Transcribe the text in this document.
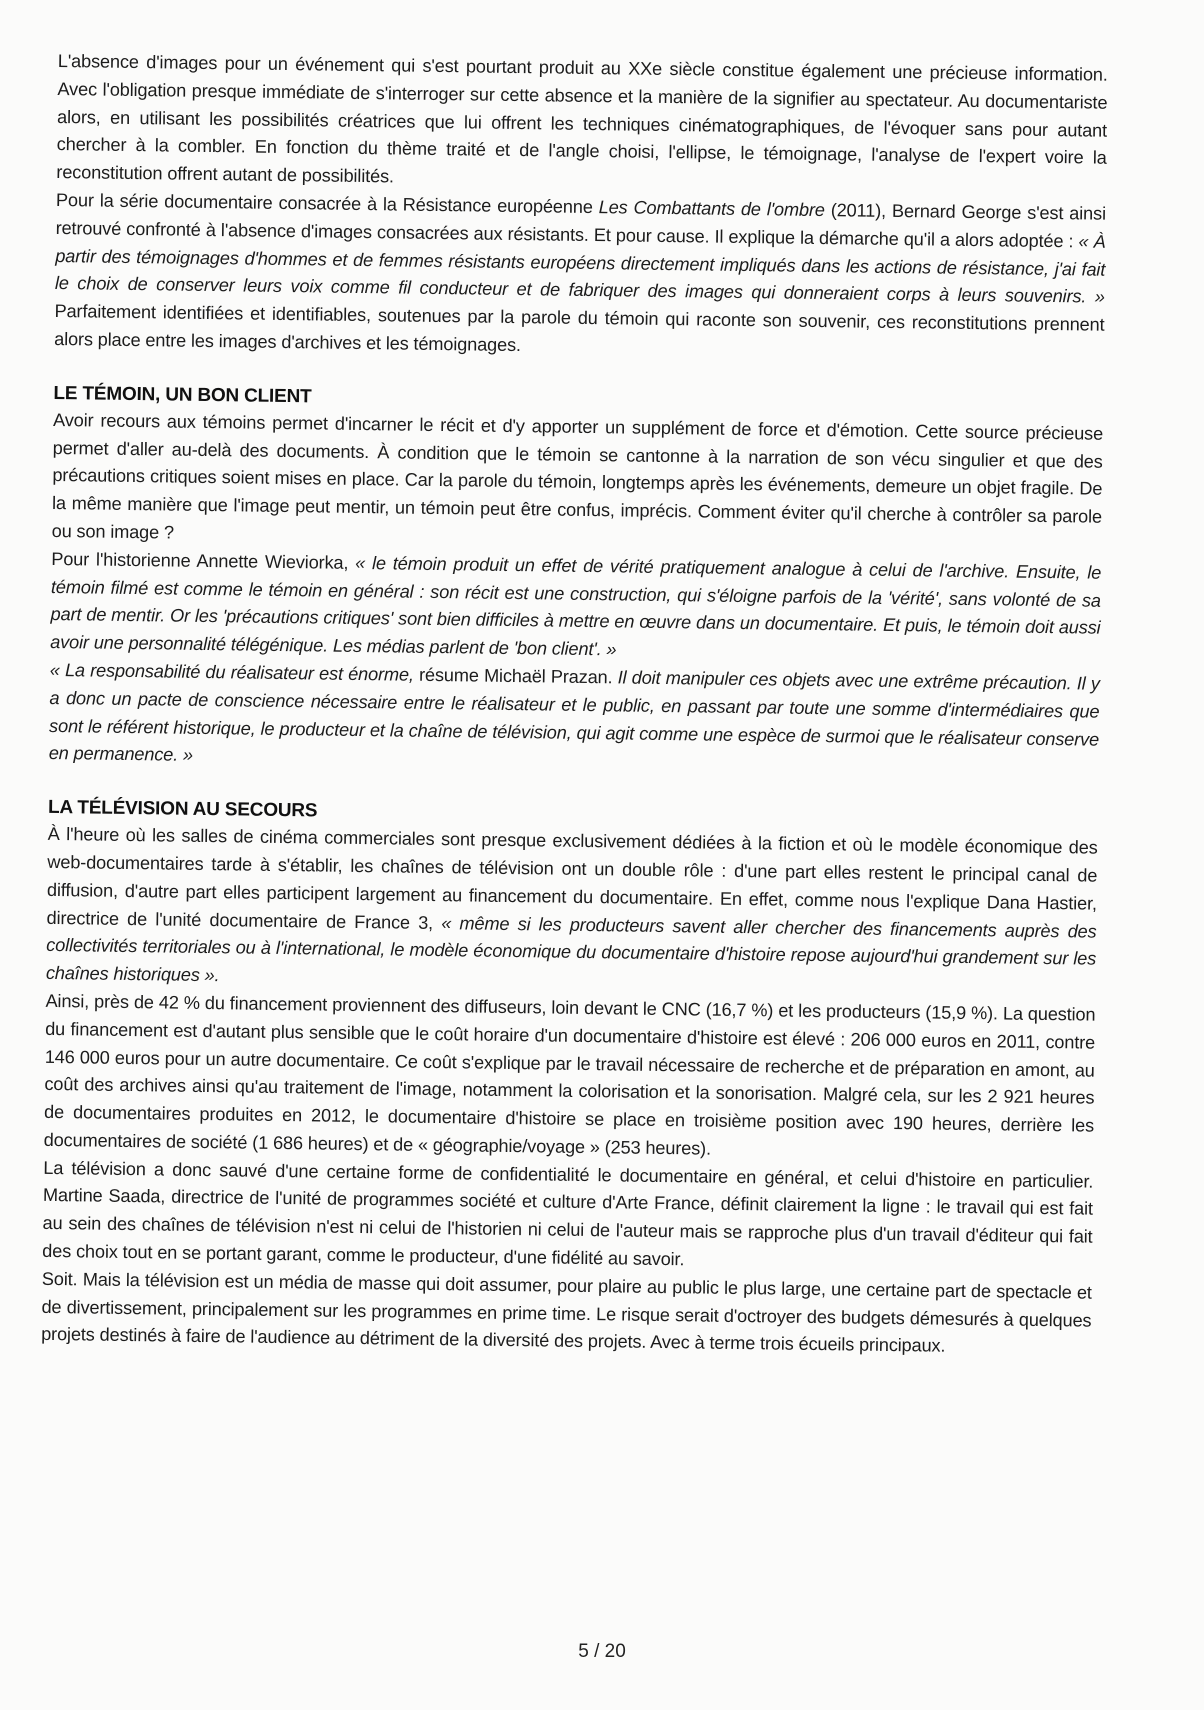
L'absence d'images pour un événement qui s'est pourtant produit au XXe siècle constitue également une précieuse information. Avec l'obligation presque immédiate de s'interroger sur cette absence et la manière de la signifier au spectateur. Au documentariste alors, en utilisant les possibilités créatrices que lui offrent les techniques cinématographiques, de l'évoquer sans pour autant chercher à la combler. En fonction du thème traité et de l'angle choisi, l'ellipse, le témoignage, l'analyse de l'expert voire la reconstitution offrent autant de possibilités.

Pour la série documentaire consacrée à la Résistance européenne Les Combattants de l'ombre (2011), Bernard George s'est ainsi retrouvé confronté à l'absence d'images consacrées aux résistants. Et pour cause. Il explique la démarche qu'il a alors adoptée : « À partir des témoignages d'hommes et de femmes résistants européens directement impliqués dans les actions de résistance, j'ai fait le choix de conserver leurs voix comme fil conducteur et de fabriquer des images qui donneraient corps à leurs souvenirs. » Parfaitement identifiées et identifiables, soutenues par la parole du témoin qui raconte son souvenir, ces reconstitutions prennent alors place entre les images d'archives et les témoignages.

LE TÉMOIN, UN BON CLIENT

Avoir recours aux témoins permet d'incarner le récit et d'y apporter un supplément de force et d'émotion. Cette source précieuse permet d'aller au-delà des documents. À condition que le témoin se cantonne à la narration de son vécu singulier et que des précautions critiques soient mises en place. Car la parole du témoin, longtemps après les événements, demeure un objet fragile. De la même manière que l'image peut mentir, un témoin peut être confus, imprécis. Comment éviter qu'il cherche à contrôler sa parole ou son image ?

Pour l'historienne Annette Wieviorka, « le témoin produit un effet de vérité pratiquement analogue à celui de l'archive. Ensuite, le témoin filmé est comme le témoin en général : son récit est une construction, qui s'éloigne parfois de la 'vérité', sans volonté de sa part de mentir. Or les 'précautions critiques' sont bien difficiles à mettre en œuvre dans un documentaire. Et puis, le témoin doit aussi avoir une personnalité télégénique. Les médias parlent de 'bon client'. »

« La responsabilité du réalisateur est énorme, résume Michaël Prazan. Il doit manipuler ces objets avec une extrême précaution. Il y a donc un pacte de conscience nécessaire entre le réalisateur et le public, en passant par toute une somme d'intermédiaires que sont le référent historique, le producteur et la chaîne de télévision, qui agit comme une espèce de surmoi que le réalisateur conserve en permanence. »

LA TÉLÉVISION AU SECOURS

À l'heure où les salles de cinéma commerciales sont presque exclusivement dédiées à la fiction et où le modèle économique des web-documentaires tarde à s'établir, les chaînes de télévision ont un double rôle : d'une part elles restent le principal canal de diffusion, d'autre part elles participent largement au financement du documentaire. En effet, comme nous l'explique Dana Hastier, directrice de l'unité documentaire de France 3, « même si les producteurs savent aller chercher des financements auprès des collectivités territoriales ou à l'international, le modèle économique du documentaire d'histoire repose aujourd'hui grandement sur les chaînes historiques ».

Ainsi, près de 42 % du financement proviennent des diffuseurs, loin devant le CNC (16,7 %) et les producteurs (15,9 %). La question du financement est d'autant plus sensible que le coût horaire d'un documentaire d'histoire est élevé : 206 000 euros en 2011, contre 146 000 euros pour un autre documentaire. Ce coût s'explique par le travail nécessaire de recherche et de préparation en amont, au coût des archives ainsi qu'au traitement de l'image, notamment la colorisation et la sonorisation. Malgré cela, sur les 2 921 heures de documentaires produites en 2012, le documentaire d'histoire se place en troisième position avec 190 heures, derrière les documentaires de société (1 686 heures) et de « géographie/voyage » (253 heures).

La télévision a donc sauvé d'une certaine forme de confidentialité le documentaire en général, et celui d'histoire en particulier. Martine Saada, directrice de l'unité de programmes société et culture d'Arte France, définit clairement la ligne : le travail qui est fait au sein des chaînes de télévision n'est ni celui de l'historien ni celui de l'auteur mais se rapproche plus d'un travail d'éditeur qui fait des choix tout en se portant garant, comme le producteur, d'une fidélité au savoir.

Soit. Mais la télévision est un média de masse qui doit assumer, pour plaire au public le plus large, une certaine part de spectacle et de divertissement, principalement sur les programmes en prime time. Le risque serait d'octroyer des budgets démesurés à quelques projets destinés à faire de l'audience au détriment de la diversité des projets. Avec à terme trois écueils principaux.

5 / 20
